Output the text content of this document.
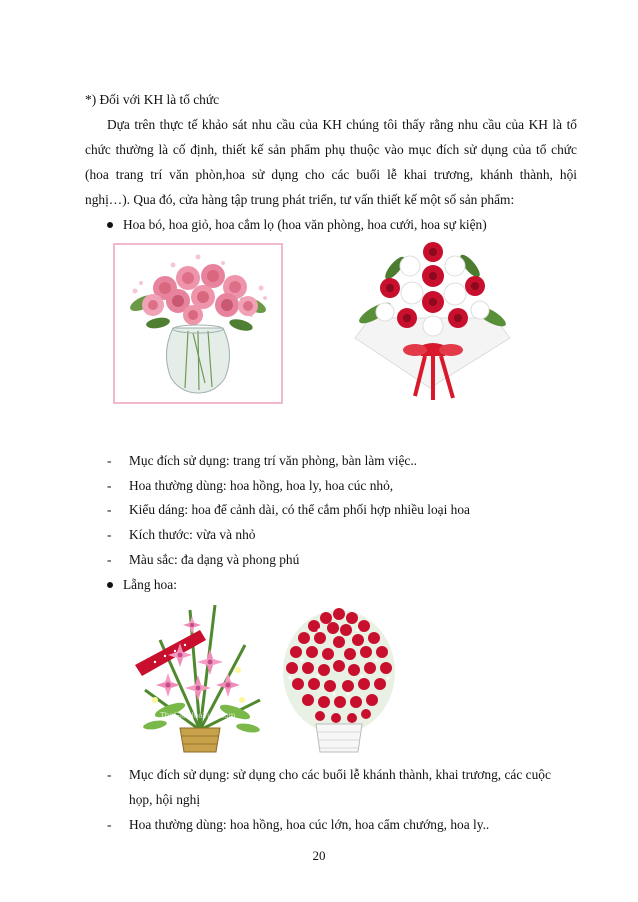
*) Đối với KH là tổ chức
Dựa trên thực tế khảo sát nhu cầu của KH chúng tôi thấy rằng nhu cầu của KH là tổ
chức thường là cố định, thiết kế sản phẩm phụ thuộc vào mục đích sử dụng của tổ chức
(hoa trang trí văn phòn,hoa sử dụng cho các buổi lễ khai trương, khánh thành, hội
nghị…). Qua đó, cửa hàng tập trung phát triển, tư vấn thiết kế một số sản phẩm:
Hoa bó, hoa giỏ, hoa cắm lọ (hoa văn phòng, hoa cưới, hoa sự kiện)
- Mục đích sử dụng: trang trí văn phòng, bàn làm việc..
- Hoa thường dùng: hoa hồng, hoa ly, hoa cúc nhỏ,
- Kiểu dáng: hoa để cảnh dài, có thể cắm phối hợp nhiều loại hoa
- Kích thước: vừa và nhỏ
- Màu sắc: đa dạng và phong phú
Lẵng hoa:
TheGioiHoaTuoi.com
- Mục đích sử dụng: sử dụng cho các buổi lễ khánh thành, khai trương, các cuộc
họp, hội nghị
- Hoa thường dùng: hoa hồng, hoa cúc lớn, hoa cẩm chướng, hoa ly..
20
